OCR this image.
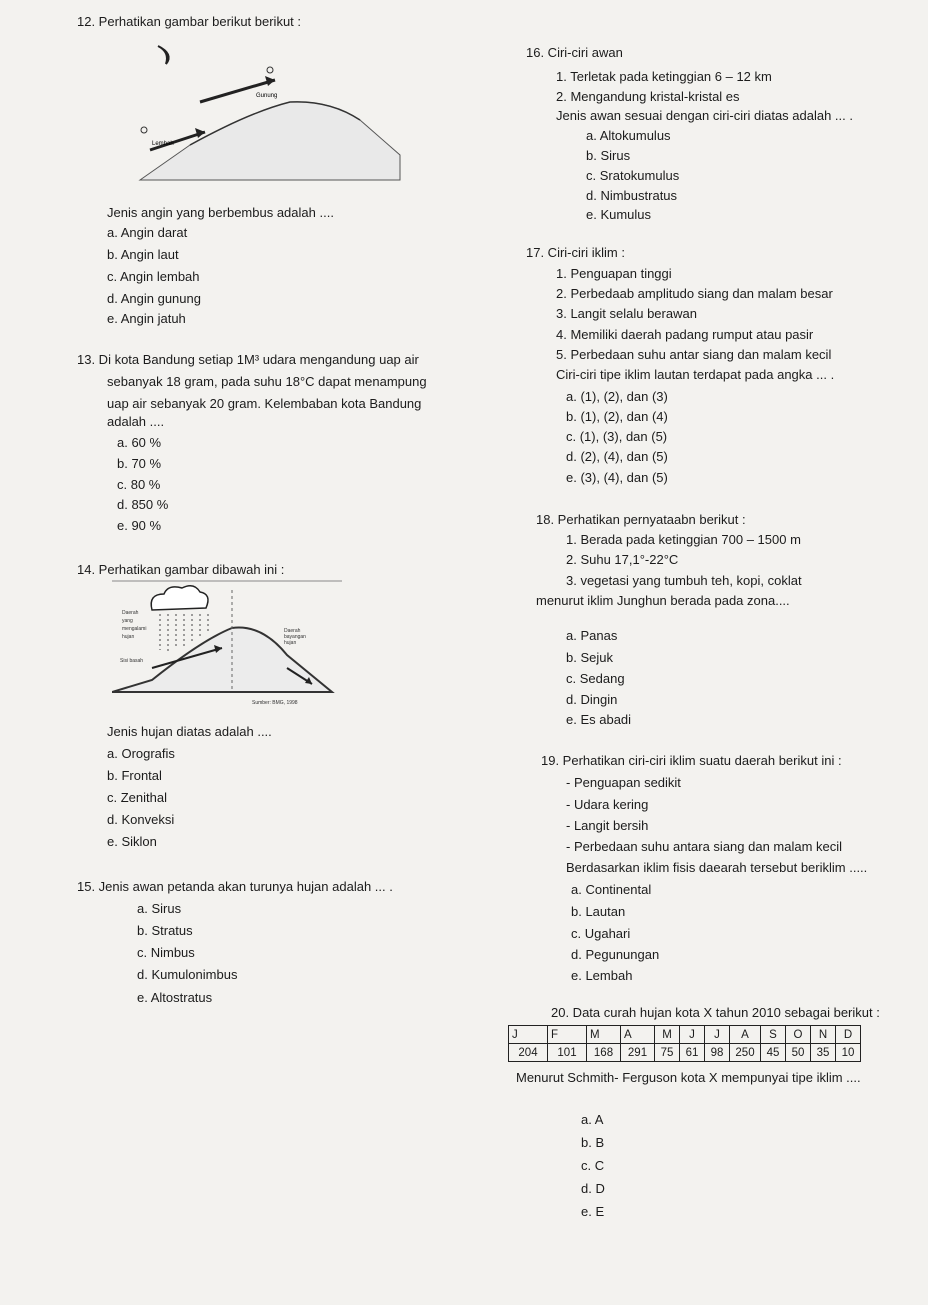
12. Perhatikan gambar berikut berikut :
Gunung
Lembah
Jenis angin yang berbembus adalah ....
a. Angin darat
b. Angin laut
c. Angin lembah
d. Angin gunung
e. Angin jatuh
13. Di kota Bandung setiap 1M³ udara mengandung uap air
sebanyak 18 gram, pada suhu 18°C dapat menampung
uap air sebanyak 20 gram. Kelembaban kota Bandung
adalah ....
a. 60 %
b. 70 %
c. 80 %
d. 850 %
e. 90 %
14. Perhatikan gambar dibawah ini :
Daerah
yang
mengalami
hujan
Daerah
bayangan
hujan
Sisi basah
Sumber: BMG, 1998
Jenis hujan diatas adalah ....
a. Orografis
b. Frontal
c. Zenithal
d. Konveksi
e. Siklon
15. Jenis awan petanda akan turunya hujan adalah ... .
a. Sirus
b. Stratus
c. Nimbus
d. Kumulonimbus
e. Altostratus
16. Ciri-ciri awan
1. Terletak pada ketinggian 6 – 12 km
2. Mengandung kristal-kristal es
Jenis awan sesuai dengan ciri-ciri diatas adalah ... .
a. Altokumulus
b. Sirus
c. Sratokumulus
d. Nimbustratus
e. Kumulus
17. Ciri-ciri iklim :
1. Penguapan tinggi
2. Perbedaab amplitudo siang dan malam besar
3. Langit selalu berawan
4. Memiliki daerah padang rumput atau pasir
5. Perbedaan suhu antar siang dan malam kecil
Ciri-ciri tipe iklim lautan terdapat pada angka ... .
a. (1), (2), dan (3)
b. (1), (2), dan (4)
c. (1), (3), dan (5)
d. (2), (4), dan (5)
e. (3), (4), dan (5)
18. Perhatikan pernyataabn berikut :
1. Berada pada ketinggian 700 – 1500 m
2. Suhu 17,1°-22°C
3. vegetasi yang tumbuh teh, kopi, coklat
menurut iklim Junghun berada pada zona....
a. Panas
b. Sejuk
c. Sedang
d. Dingin
e. Es abadi
19. Perhatikan ciri-ciri iklim suatu daerah berikut ini :
- Penguapan sedikit
- Udara kering
- Langit bersih
- Perbedaan suhu antara siang dan malam kecil
Berdasarkan iklim fisis daearah tersebut beriklim .....
a. Continental
b. Lautan
c. Ugahari
d. Pegunungan
e. Lembah
20. Data curah hujan kota X tahun 2010 sebagai berikut :
J	F	M	A	M	J	J	A	S	O	N	D
204	101	168	291	75	61	98	250	45	50	35	10
Menurut Schmith- Ferguson kota X mempunyai tipe iklim ....
a. A
b. B
c. C
d. D
e. E
